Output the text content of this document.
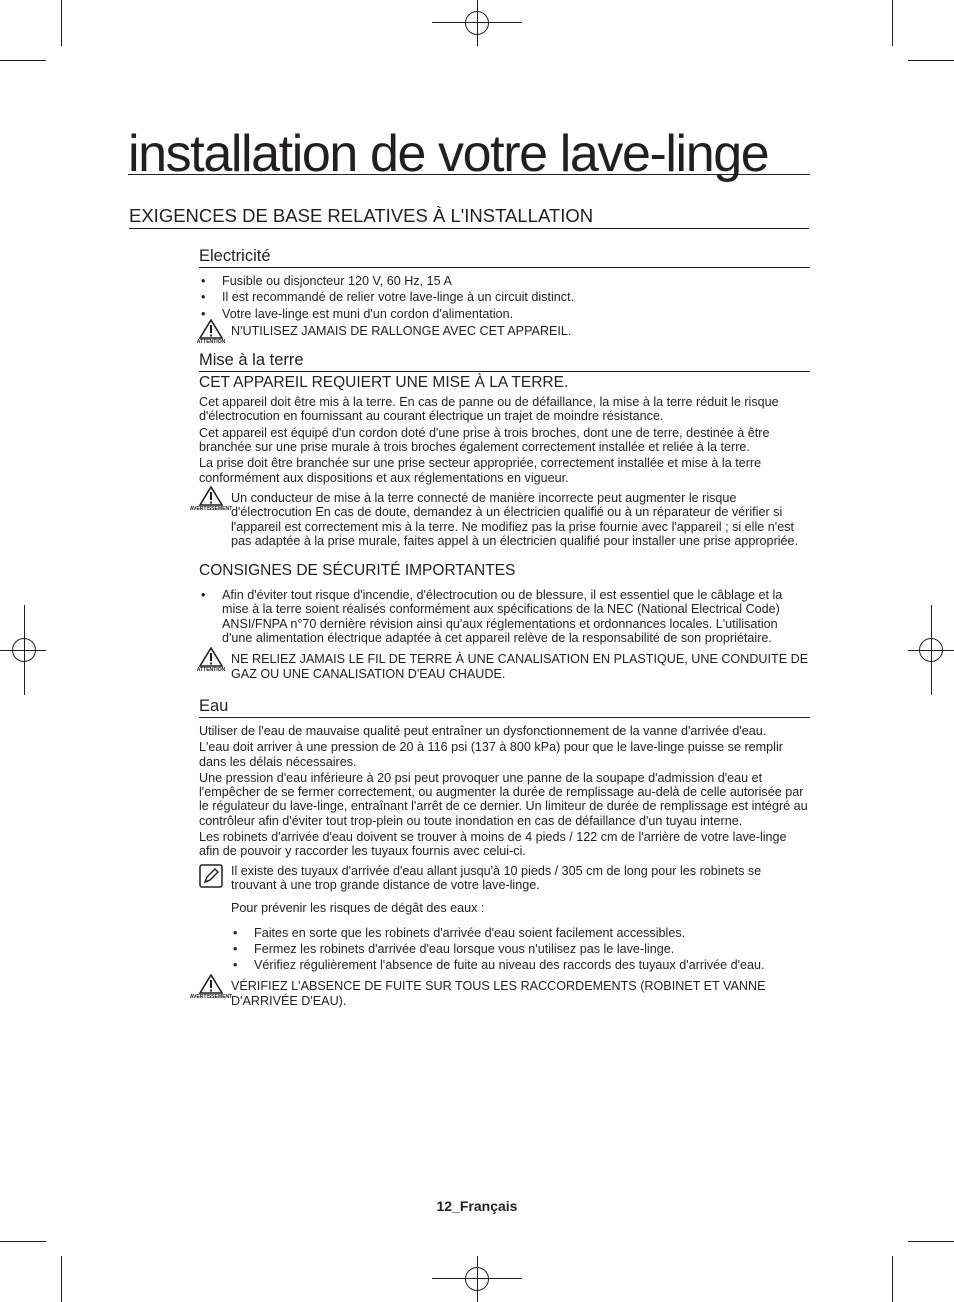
installation de votre lave-linge
EXIGENCES DE BASE RELATIVES À L'INSTALLATION
Electricité
• Fusible ou disjoncteur 120 V, 60 Hz, 15 A
• Il est recommandé de relier votre lave-linge à un circuit distinct.
• Votre lave-linge est muni d'un cordon d'alimentation.
ATTENTION
N'UTILISEZ JAMAIS DE RALLONGE AVEC CET APPAREIL.
Mise à la terre
CET APPAREIL REQUIERT UNE MISE À LA TERRE.
Cet appareil doit être mis à la terre. En cas de panne ou de défaillance, la mise à la terre réduit le risque d'électrocution en fournissant au courant électrique un trajet de moindre résistance.
Cet appareil est équipé d'un cordon doté d'une prise à trois broches, dont une de terre, destinée à être branchée sur une prise murale à trois broches également correctement installée et reliée à la terre.
La prise doit être branchée sur une prise secteur appropriée, correctement installée et mise à la terre conformément aux dispositions et aux réglementations en vigueur.
AVERTISSEMENT
Un conducteur de mise à la terre connecté de manière incorrecte peut augmenter le risque d'électrocution En cas de doute, demandez à un électricien qualifié ou à un réparateur de vérifier si l'appareil est correctement mis à la terre. Ne modifiez pas la prise fournie avec l'appareil ; si elle n'est pas adaptée à la prise murale, faites appel à un électricien qualifié pour installer une prise appropriée.
CONSIGNES DE SÉCURITÉ IMPORTANTES
• Afin d'éviter tout risque d'incendie, d'électrocution ou de blessure, il est essentiel que le câblage et la mise à la terre soient réalisés conformément aux spécifications de la NEC (National Electrical Code) ANSI/FNPA n°70 dernière révision ainsi qu'aux réglementations et ordonnances locales. L'utilisation d'une alimentation électrique adaptée à cet appareil relève de la responsabilité de son propriétaire.
ATTENTION
NE RELIEZ JAMAIS LE FIL DE TERRE À UNE CANALISATION EN PLASTIQUE, UNE CONDUITE DE GAZ OU UNE CANALISATION D'EAU CHAUDE.
Eau
Utiliser de l'eau de mauvaise qualité peut entraîner un dysfonctionnement de la vanne d'arrivée d'eau.
L'eau doit arriver à une pression de 20 à 116 psi (137 à 800 kPa) pour que le lave-linge puisse se remplir dans les délais nécessaires.
Une pression d'eau inférieure à 20 psi peut provoquer une panne de la soupape d'admission d'eau et l'empêcher de se fermer correctement, ou augmenter la durée de remplissage au-delà de celle autorisée par le régulateur du lave-linge, entraînant l'arrêt de ce dernier. Un limiteur de durée de remplissage est intégré au contrôleur afin d'éviter tout trop-plein ou toute inondation en cas de défaillance d'un tuyau interne.
Les robinets d'arrivée d'eau doivent se trouver à moins de 4 pieds / 122 cm de l'arrière de votre lave-linge afin de pouvoir y raccorder les tuyaux fournis avec celui-ci.
Il existe des tuyaux d'arrivée d'eau allant jusqu'à 10 pieds / 305 cm de long pour les robinets se trouvant à une trop grande distance de votre lave-linge.
Pour prévenir les risques de dégât des eaux :
• Faites en sorte que les robinets d'arrivée d'eau soient facilement accessibles.
• Fermez les robinets d'arrivée d'eau lorsque vous n'utilisez pas le lave-linge.
• Vérifiez régulièrement l'absence de fuite au niveau des raccords des tuyaux d'arrivée d'eau.
AVERTISSEMENT
VÉRIFIEZ L'ABSENCE DE FUITE SUR TOUS LES RACCORDEMENTS (ROBINET ET VANNE D'ARRIVÉE D'EAU).
12_Français
